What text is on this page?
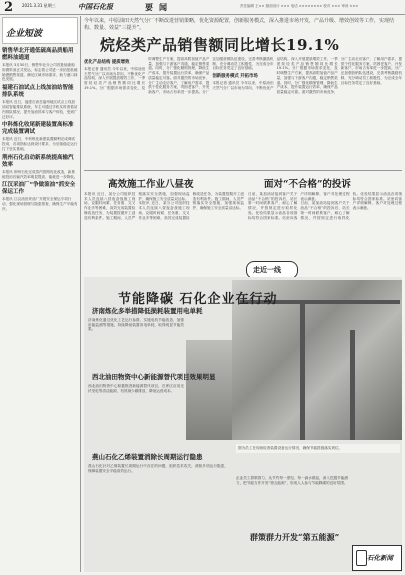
2 2021.3.31 星期三	中国石化报	要闻	责任编辑 王×× 版面设计 ××× 电话 ×××××××× 校对 ××× 审读 ×××
企业短波
销售华北开通低硫高品质船用燃料油通道
本报讯 3月30日，销售华北分公司首批低硫船用燃料油正式发运，标志着公司进一步拓宽低硫船燃销售渠道，满足区域市场需求，助力港口绿色发展。
福建石油试点上线加油站智能排队系统
本报讯 近日，福建石油在福州地区试点上线加油站智能排队系统，车主可通过手机实时查看站内排队情况，提升加油效率与客户体验，受到广泛好评。
中科炼化收尾新建装置高标准完成装置调试
本报讯 近日，中科炼化新建装置顺利完成调试投用，各项指标达到设计要求，为后续稳定运行打下坚实基础。
荆州石化启动新系统提高输汽效率
本报讯 荆州石化完成蒸汽管网优化改造，新系统投用后输汽效率明显提高，能耗进一步降低。
江汉采油厂“争做鉴油”抓安全保运工作
本报讯 江汉油田采油厂开展安全保运专项行动，强化现场管理与隐患排查，确保生产平稳有序。
今年以来，中原油田天然气分厂不断改进营销策略，优化资源配置，创新服务模式，深入推进市场开发，产品升级、增效创效等工作，实现结构、数量、效益“三提升”。
烷烃类产品销售额同比增长19.1%
优化产品结构 提质增效
本报记者 通讯员 今年以来，中原油田天然气分厂以市场为导向，不断优化产品结构，深入开展提质增效工作，一季度烷烃类产品销售额同比增长19.1%。分厂根据市场需求变化，及时调整生产方案，提高高附加值产品产量，加强与下游客户沟通，稳定销售渠道。同时，分厂强化精细管理，降低生产成本，提升装置运行效率，确保产品质量稳定可靠。面对激烈的市场竞争，分厂主动走访客户，了解用户需求，提供个性化服务方案，巩固老客户、开发新客户，市场占有率进一步提高。分厂还加强营销队伍建设，完善考核激励机制，充分调动员工积极性，为完成全年目标任务奠定了良好基础。
创新服务模式 开拓市场
本报记者 通讯员 今年以来，中原油田天然气分厂以市场为导向，不断优化产品结构，深入开展提质增效工作，一季度烷烃类产品销售额同比增长19.1%。分厂根据市场需求变化，及时调整生产方案，提高高附加值产品产量，加强与下游客户沟通，稳定销售渠道。同时，分厂强化精细管理，降低生产成本，提升装置运行效率，确保产品质量稳定可靠。面对激烈的市场竞争，分厂主动走访客户，了解用户需求，提供个性化服务方案，巩固老客户、开发新客户，市场占有率进一步提高。分厂还加强营销队伍建设，完善考核激励机制，充分调动员工积极性，为完成全年目标任务奠定了良好基础。
高效施工作业八昼夜	面对“不合格”的投诉
本报讯 近日，某分公司组织技术人员连续八昼夜奋战施工现场，克服时间紧、任务重、交叉作业多等困难，高效完成装置检修改造任务，为装置按期开工创造有利条件。施工期间，人员严格落实安全措施，加强现场监护，确保施工安全质量双达标。
本报讯 近日，某分公司组织技术人员连续八昼夜奋战施工现场，克服时间紧、任务重、交叉作业多等困难，高效完成装置检修改造任务，为装置按期开工创造有利条件。施工期间，人员严格落实安全措施，加强现场监护，确保施工安全质量双达标。
日前，某加油站接到客户关于油品“不合格”的投诉后，站长第一时间联系客户，耐心了解情况，并按规定进行取样化验。化验结果显示油品各项指标均符合国家标准。站里向客户详细解释，客户对处理过程表示满意。
日前，某加油站接到客户关于油品“不合格”的投诉后，站长第一时间联系客户，耐心了解情况，并按规定进行取样化验。化验结果显示油品各项指标均符合国家标准。站里向客户详细解释，客户对处理过程表示满意。
走近一线
节能降碳 石化企业在行动
济南炼化多举措降低损耗装置用电单耗
济南炼化通过优化工艺运行参数、实施电机节能改造、加强用能监测等措施，持续降低装置用电单耗，取得明显节能效果。
西北油田物资中心新能源替代项目效果明显
西北油田物资中心积极推进新能源替代项目，在库区应用光伏发电等清洁能源，有效减少碳排放，降低运营成本。
图为员工在现场检查装置设备运行情况，确保节能措施落实到位。
燕山石化乙烯装置消除长周期运行隐患
燕山石化针对乙烯装置长周期运行中存在的问题，组织技术攻关，消除多项运行隐患，保障装置安全平稳高效运行。
群策群力开发“第五能源”
企业员工群策群力，从节约每一度电、每一滴水做起，深入挖掘节能潜力，把节能当作开发“第五能源”，形成人人参与节能降碳的良好氛围。
石化新闻
